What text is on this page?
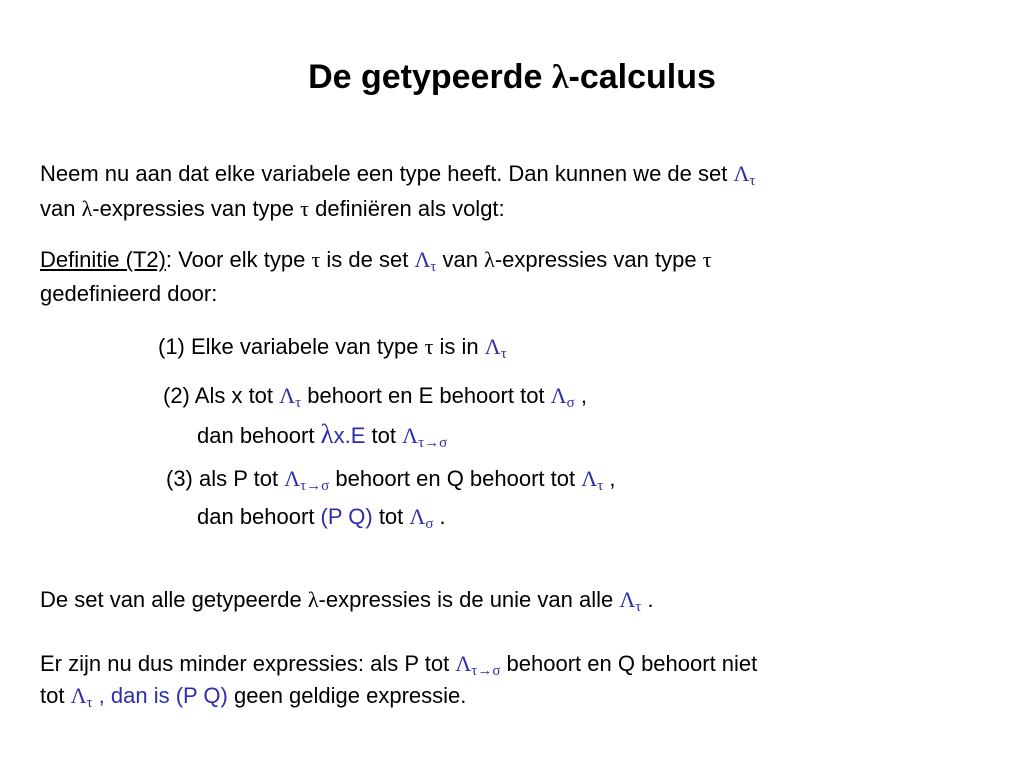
De getypeerde λ-calculus
Neem nu aan dat elke variabele een type heeft. Dan kunnen we de set $\Lambda_\tau$
van λ-expressies van type τ definiëren als volgt:
Definitie (T2): Voor elk type τ is de set $\Lambda_\tau$ van λ-expressies van type τ
gedefinieerd door:
(1) Elke variabele van type τ is in $\Lambda_\tau$
(2) Als x tot $\Lambda_\tau$ behoort en E behoort tot $\Lambda_\sigma$ ,
dan behoort λx.E tot $\Lambda_{\tau\to\sigma}$
(3) als P tot $\Lambda_{\tau\to\sigma}$ behoort en Q behoort tot $\Lambda_\tau$ ,
dan behoort (P Q) tot $\Lambda_\sigma$ .
De set van alle getypeerde λ-expressies is de unie van alle $\Lambda_\tau$ .
Er zijn nu dus minder expressies: als P tot $\Lambda_{\tau\to\sigma}$ behoort en Q behoort niet
tot $\Lambda_\tau$ , dan is (P Q) geen geldige expressie.
